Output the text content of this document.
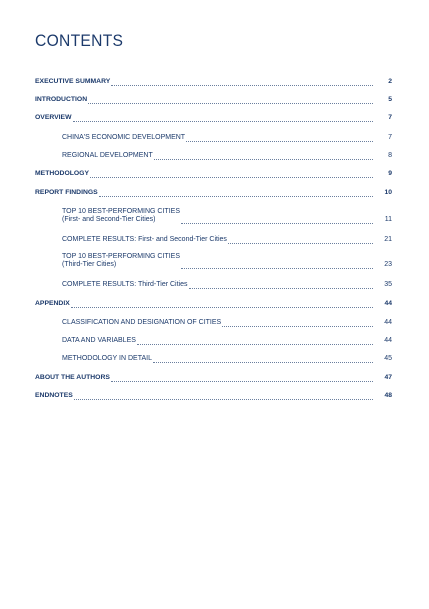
CONTENTS
EXECUTIVE SUMMARY	2
INTRODUCTION	5
OVERVIEW	7
CHINA'S ECONOMIC DEVELOPMENT	7
REGIONAL DEVELOPMENT	8
METHODOLOGY	9
REPORT FINDINGS	10
TOP 10 BEST-PERFORMING CITIES
(First- and Second-Tier Cities)	11
COMPLETE RESULTS: First- and Second-Tier Cities	21
TOP 10 BEST-PERFORMING CITIES
(Third-Tier Cities)	23
COMPLETE RESULTS: Third-Tier Cities	35
APPENDIX	44
CLASSIFICATION AND DESIGNATION OF CITIES	44
DATA AND VARIABLES	44
METHODOLOGY IN DETAIL	45
ABOUT THE AUTHORS	47
ENDNOTES	48
